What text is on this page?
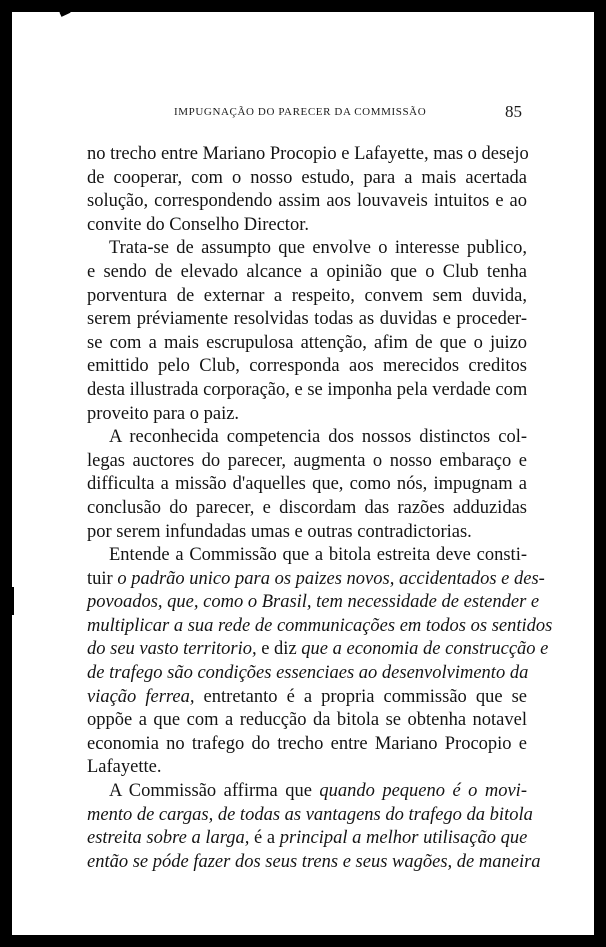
IMPUGNAÇÃO DO PARECER DA COMMISSÃO	85

no trecho entre Mariano Procopio e Lafayette, mas o desejo
de cooperar, com o nosso estudo, para a mais acertada
solução, correspondendo assim aos louvaveis intuitos e ao
convite do Conselho Director.

Trata-se de assumpto que envolve o interesse publico,
e sendo de elevado alcance a opinião que o Club tenha
porventura de externar a respeito, convem sem duvida,
serem préviamente resolvidas todas as duvidas e proceder-
se com a mais escrupulosa attenção, afim de que o juizo
emittido pelo Club, corresponda aos merecidos creditos
desta illustrada corporação, e se imponha pela verdade com
proveito para o paiz.

A reconhecida competencia dos nossos distinctos col-
legas auctores do parecer, augmenta o nosso embaraço e
difficulta a missão d'aquelles que, como nós, impugnam a
conclusão do parecer, e discordam das razões adduzidas
por serem infundadas umas e outras contradictorias.

Entende a Commissão que a bitola estreita deve consti-
tuir o padrão unico para os paizes novos, accidentados e des-
povoados, que, como o Brasil, tem necessidade de estender e
multiplicar a sua rede de communicações em todos os sentidos
do seu vasto territorio, e diz que a economia de construcção e
de trafego são condições essenciaes ao desenvolvimento da
viação ferrea, entretanto é a propria commissão que se
oppõe a que com a reducção da bitola se obtenha notavel
economia no trafego do trecho entre Mariano Procopio e
Lafayette.

A Commissão affirma que quando pequeno é o movi-
mento de cargas, de todas as vantagens do trafego da bitola
estreita sobre a larga, é a principal a melhor utilisação que
então se póde fazer dos seus trens e seus wagões, de maneira
